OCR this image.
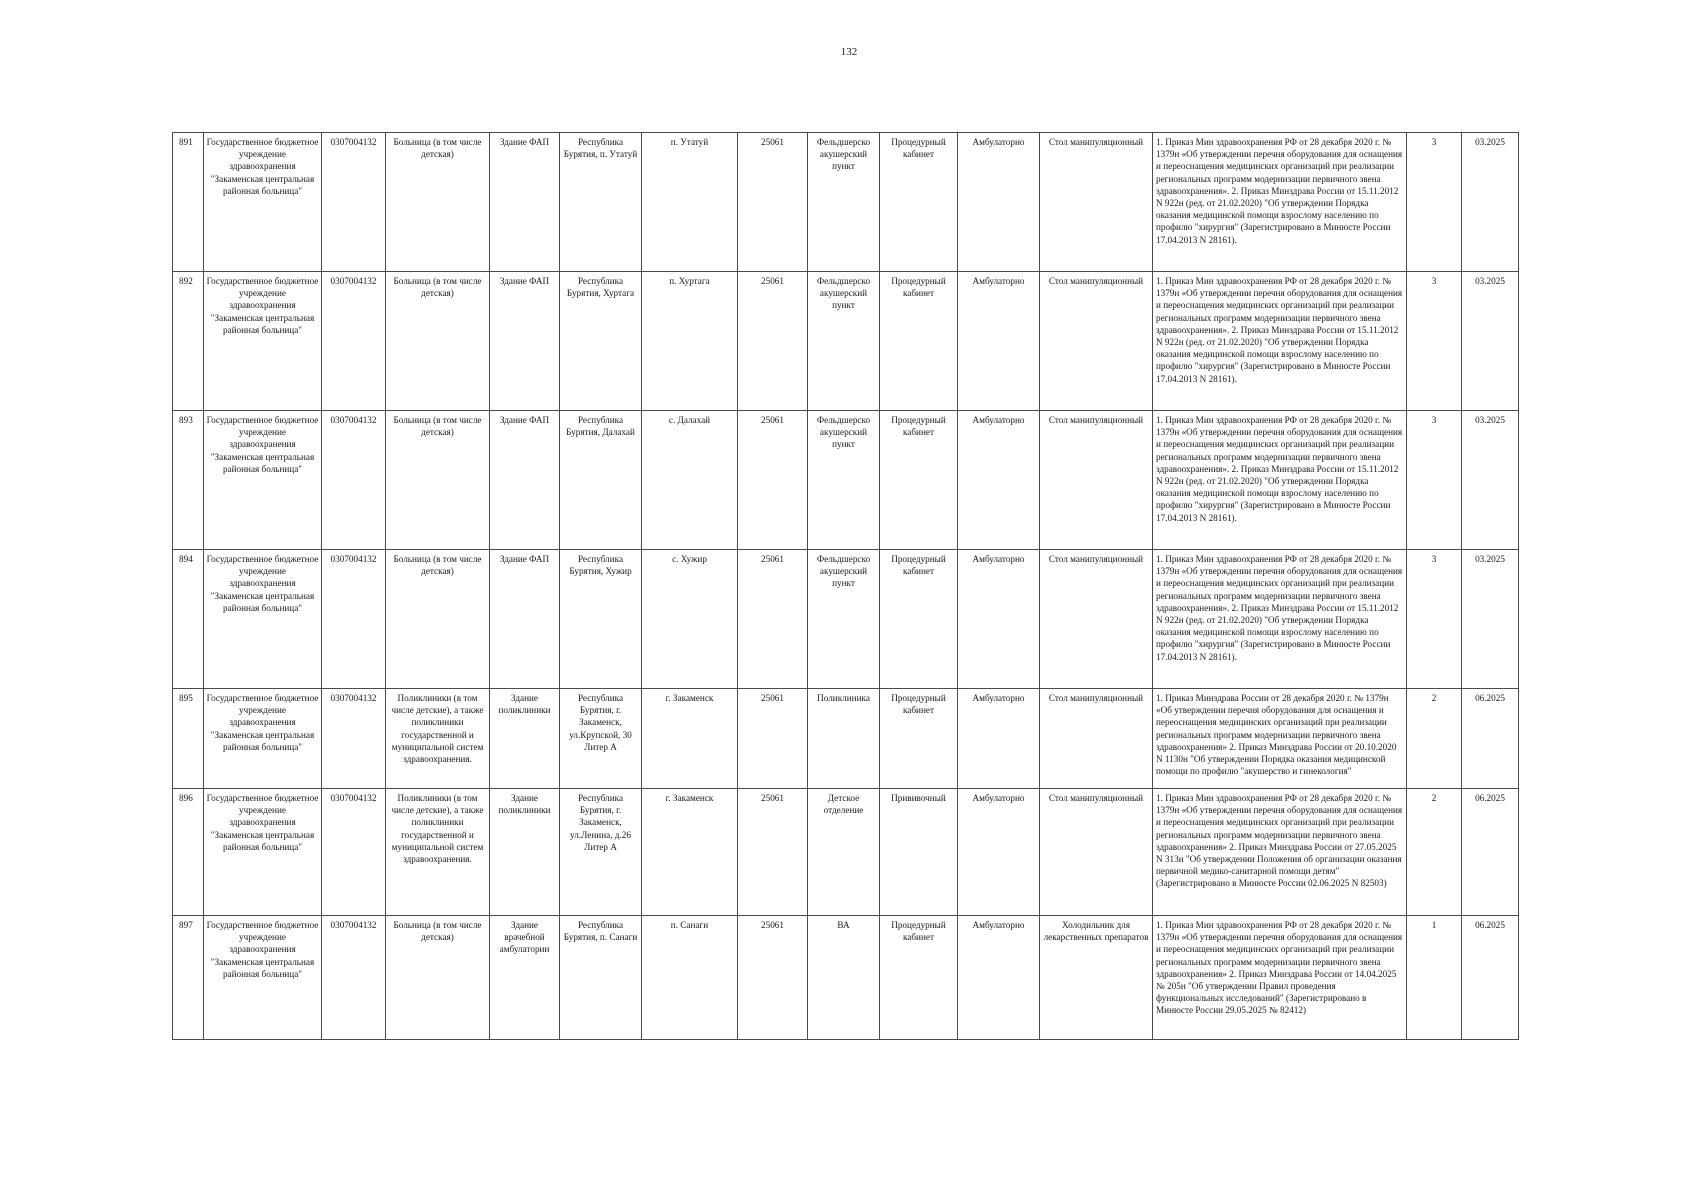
132
891	Государственное бюджетное учреждение здравоохранения "Закаменская центральная районная больница"	0307004132	Больница (в том числе детская)	Здание ФАП	Республика Бурятия, п. Утатуй	п. Утатуй	25061	Фельдшерско акушерский пункт	Процедурный кабинет	Амбулаторно	Стол манипуляционный	1. Приказ Мин здравоохранения РФ от 28 декабря 2020 г. № 1379н «Об утверждении перечня оборудования для оснащения и переоснащения медицинских организаций при реализации региональных программ модернизации первичного звена здравоохранения». 2. Приказ Минздрава России от 15.11.2012 N 922н (ред. от 21.02.2020) "Об утверждении Порядка оказания медицинской помощи взрослому населению по профилю "хирургия" (Зарегистрировано в Минюсте России 17.04.2013 N 28161).	3	03.2025
892	Государственное бюджетное учреждение здравоохранения "Закаменская центральная районная больница"	0307004132	Больница (в том числе детская)	Здание ФАП	Республика Бурятия, Хуртага	п. Хуртага	25061	Фельдшерско акушерский пункт	Процедурный кабинет	Амбулаторно	Стол манипуляционный	1. Приказ Мин здравоохранения РФ от 28 декабря 2020 г. № 1379н «Об утверждении перечня оборудования для оснащения и переоснащения медицинских организаций при реализации региональных программ модернизации первичного звена здравоохранения». 2. Приказ Минздрава России от 15.11.2012 N 922н (ред. от 21.02.2020) "Об утверждении Порядка оказания медицинской помощи взрослому населению по профилю "хирургия" (Зарегистрировано в Минюсте России 17.04.2013 N 28161).	3	03.2025
893	Государственное бюджетное учреждение здравоохранения "Закаменская центральная районная больница"	0307004132	Больница (в том числе детская)	Здание ФАП	Республика Бурятия, Далахай	с. Далахай	25061	Фельдшерско акушерский пункт	Процедурный кабинет	Амбулаторно	Стол манипуляционный	1. Приказ Мин здравоохранения РФ от 28 декабря 2020 г. № 1379н «Об утверждении перечня оборудования для оснащения и переоснащения медицинских организаций при реализации региональных программ модернизации первичного звена здравоохранения». 2. Приказ Минздрава России от 15.11.2012 N 922н (ред. от 21.02.2020) "Об утверждении Порядка оказания медицинской помощи взрослому населению по профилю "хирургия" (Зарегистрировано в Минюсте России 17.04.2013 N 28161).	3	03.2025
894	Государственное бюджетное учреждение здравоохранения "Закаменская центральная районная больница"	0307004132	Больница (в том числе детская)	Здание ФАП	Республика Бурятия, Хужир	с. Хужир	25061	Фельдшерско акушерский пункт	Процедурный кабинет	Амбулаторно	Стол манипуляционный	1. Приказ Мин здравоохранения РФ от 28 декабря 2020 г. № 1379н «Об утверждении перечня оборудования для оснащения и переоснащения медицинских организаций при реализации региональных программ модернизации первичного звена здравоохранения». 2. Приказ Минздрава России от 15.11.2012 N 922н (ред. от 21.02.2020) "Об утверждении Порядка оказания медицинской помощи взрослому населению по профилю "хирургия" (Зарегистрировано в Минюсте России 17.04.2013 N 28161).	3	03.2025
895	Государственное бюджетное учреждение здравоохранения "Закаменская центральная районная больница"	0307004132	Поликлиники (в том числе детские), а также поликлиники государственной и муниципальной систем здравоохранения.	Здание поликлиники	Республика Бурятия, г. Закаменск, ул.Крупской, 30 Литер А	г. Закаменск	25061	Поликлиника	Процедурный кабинет	Амбулаторно	Стол манипуляционный	1. Приказ Минздрава России от 28 декабря 2020 г. № 1379н «Об утверждении перечня оборудования для оснащения и переоснащения медицинских организаций при реализации региональных программ модернизации первичного звена здравоохранения» 2. Приказ Минздрава России от 20.10.2020 N 1130н "Об утверждении Порядка оказания медицинской помощи по профилю "акушерство и гинекология"	2	06.2025
896	Государственное бюджетное учреждение здравоохранения "Закаменская центральная районная больница"	0307004132	Поликлиники (в том числе детские), а также поликлиники государственной и муниципальной систем здравоохранения.	Здание поликлиники	Республика Бурятия, г. Закаменск, ул.Ленина, д.26 Литер А	г. Закаменск	25061	Детское отделение	Прививочный	Амбулаторно	Стол манипуляционный	1. Приказ Мин здравоохранения РФ от 28 декабря 2020 г. № 1379н «Об утверждении перечня оборудования для оснащения и переоснащения медицинских организаций при реализации региональных программ модернизации первичного звена здравоохранения» 2. Приказ Минздрава России от 27.05.2025 N 313н "Об утверждении Положения об организации оказания первичной медико-санитарной помощи детям" (Зарегистрировано в Минюсте России 02.06.2025 N 82503)	2	06.2025
897	Государственное бюджетное учреждение здравоохранения "Закаменская центральная районная больница"	0307004132	Больница (в том числе детская)	Здание врачебной амбулатории	Республика Бурятия, п. Санаги	п. Санаги	25061	ВА	Процедурный кабинет	Амбулаторно	Холодильник для лекарственных препаратов	1. Приказ Мин здравоохранения РФ от 28 декабря 2020 г. № 1379н «Об утверждении перечня оборудования для оснащения и переоснащения медицинских организаций при реализации региональных программ модернизации первичного звена здравоохранения» 2. Приказ Минздрава России от 14.04.2025 № 205н "Об утверждении Правил проведения функциональных исследований" (Зарегистрировано в Минюсте России 29.05.2025 № 82412)	1	06.2025
